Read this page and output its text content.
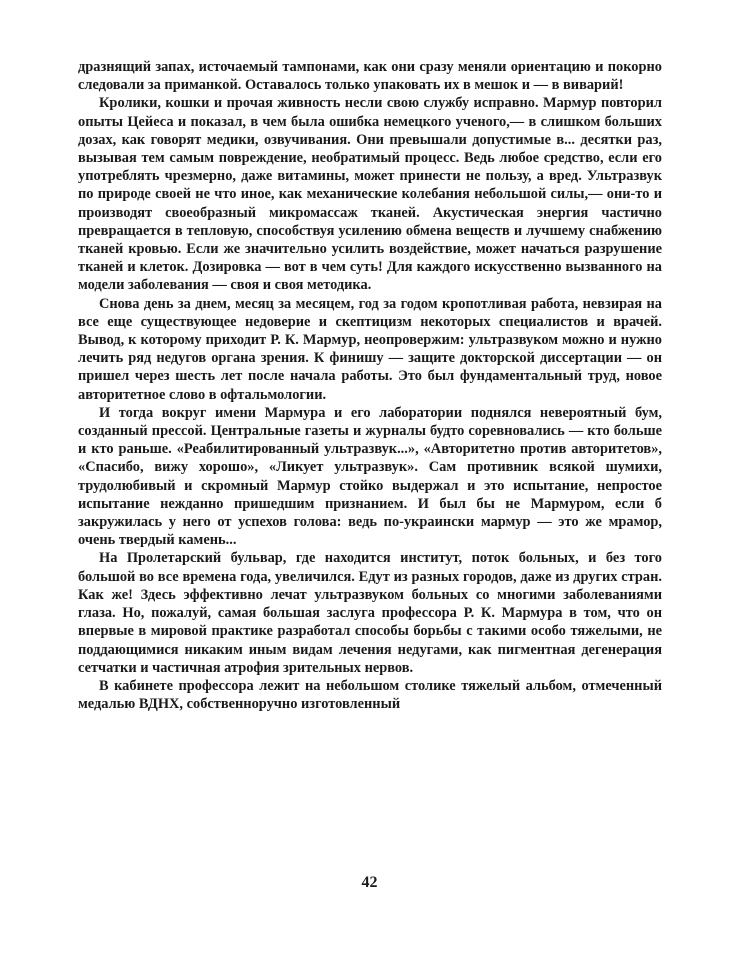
дразнящий запах, источаемый тампонами, как они сразу меняли ориентацию и покорно следовали за приманкой. Оставалось только упаковать их в мешок и — в виварий!

Кролики, кошки и прочая живность несли свою службу исправно. Мармур повторил опыты Цейеса и показал, в чем была ошибка немецкого ученого,— в слишком больших дозах, как говорят медики, озвучивания. Они превышали допустимые в... десятки раз, вызывая тем самым повреждение, необратимый процесс. Ведь любое средство, если его употреблять чрезмерно, даже витамины, может принести не пользу, а вред. Ультразвук по природе своей не что иное, как механические колебания небольшой силы,— они-то и производят своеобразный микромассаж тканей. Акустическая энергия частично превращается в тепловую, способствуя усилению обмена веществ и лучшему снабжению тканей кровью. Если же значительно усилить воздействие, может начаться разрушение тканей и клеток. Дозировка — вот в чем суть! Для каждого искусственно вызванного на модели заболевания — своя и своя методика.

Снова день за днем, месяц за месяцем, год за годом кропотливая работа, невзирая на все еще существующее недоверие и скептицизм некоторых специалистов и врачей. Вывод, к которому приходит Р. К. Мармур, неопровержим: ультразвуком можно и нужно лечить ряд недугов органа зрения. К финишу — защите докторской диссертации — он пришел через шесть лет после начала работы. Это был фундаментальный труд, новое авторитетное слово в офтальмологии.

И тогда вокруг имени Мармура и его лаборатории поднялся невероятный бум, созданный прессой. Центральные газеты и журналы будто соревновались — кто больше и кто раньше. «Реабилитированный ультразвук...», «Авторитетно против авторитетов», «Спасибо, вижу хорошо», «Ликует ультразвук». Сам противник всякой шумихи, трудолюбивый и скромный Мармур стойко выдержал и это испытание, непростое испытание нежданно пришедшим признанием. И был бы не Мармуром, если б закружилась у него от успехов голова: ведь по-украински мармур — это же мрамор, очень твердый камень...

На Пролетарский бульвар, где находится институт, поток больных, и без того большой во все времена года, увеличился. Едут из разных городов, даже из других стран. Как же! Здесь эффективно лечат ультразвуком больных со многими заболеваниями глаза. Но, пожалуй, самая большая заслуга профессора Р. К. Мармура в том, что он впервые в мировой практике разработал способы борьбы с такими особо тяжелыми, не поддающимися никаким иным видам лечения недугами, как пигментная дегенерация сетчатки и частичная атрофия зрительных нервов.

В кабинете профессора лежит на небольшом столике тяжелый альбом, отмеченный медалью ВДНХ, собственноручно изготовленный

42
